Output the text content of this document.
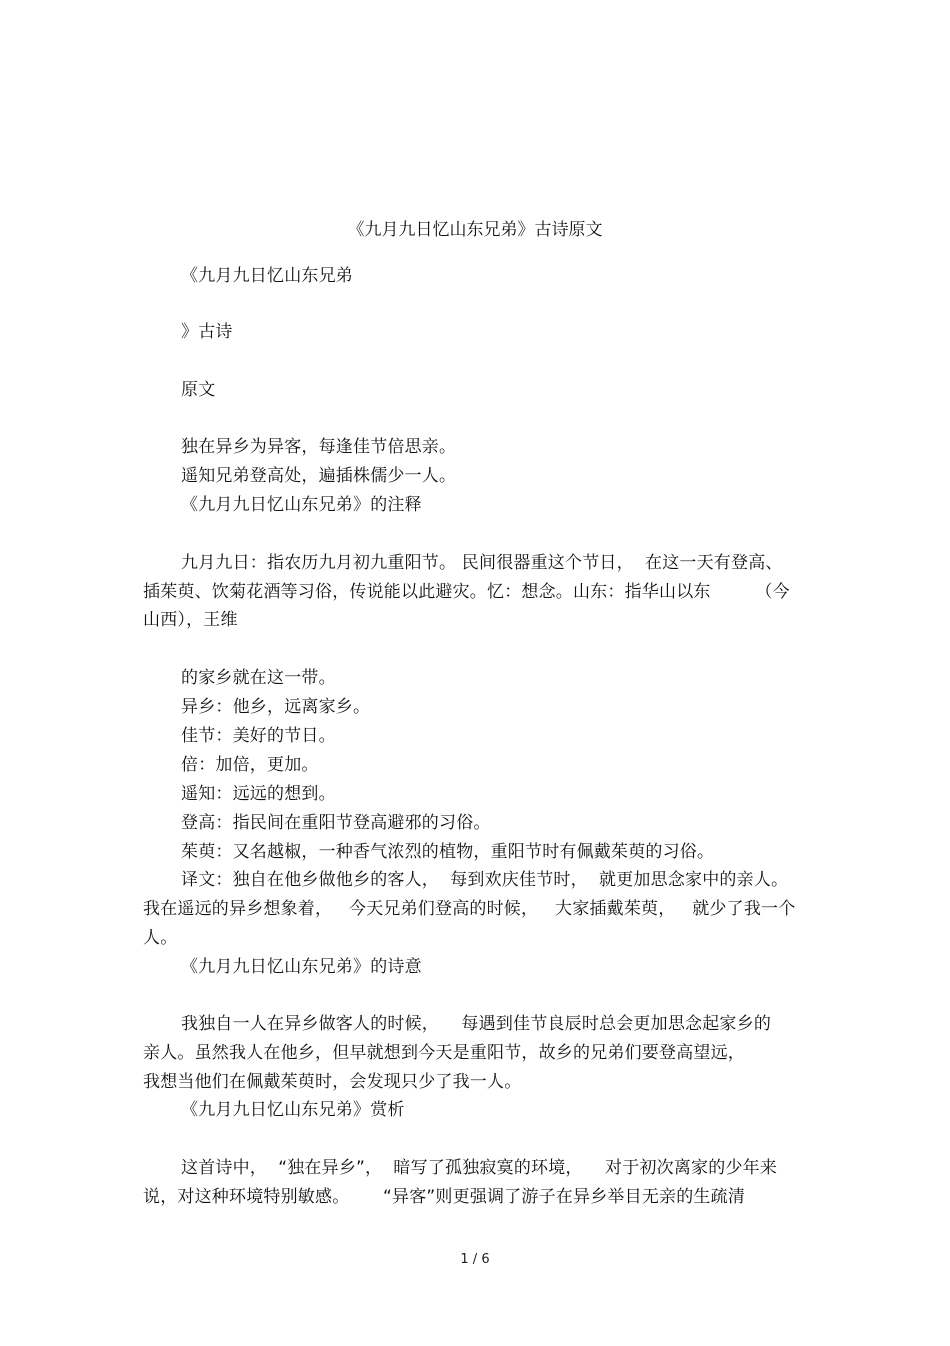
《九月九日忆山东兄弟》古诗原文
《九月九日忆山东兄弟
》古诗
原文
独在异乡为异客，每逢佳节倍思亲。
遥知兄弟登高处，遍插株儒少一人。
《九月九日忆山东兄弟》的注释
九月九日：指农历九月初九重阳节。 民间很器重这个节日，  在这一天有登高、
插茱萸、饮菊花酒等习俗，传说能以此避灾。忆：想念。山东：指华山以东        （今
山西），王维
的家乡就在这一带。
异乡：他乡，远离家乡。
佳节：美好的节日。
倍：加倍，更加。
遥知：远远的想到。
登高：指民间在重阳节登高避邪的习俗。
茱萸：又名越椒，一种香气浓烈的植物，重阳节时有佩戴茱萸的习俗。
译文：独自在他乡做他乡的客人，  每到欢庆佳节时，  就更加思念家中的亲人。
我在遥远的异乡想象着，   今天兄弟们登高的时候，   大家插戴茱萸，   就少了我一个
人。
《九月九日忆山东兄弟》的诗意
我独自一人在异乡做客人的时候，    每遇到佳节良辰时总会更加思念起家乡的
亲人。虽然我人在他乡，但早就想到今天是重阳节，故乡的兄弟们要登高望远，
我想当他们在佩戴茱萸时，会发现只少了我一人。
《九月九日忆山东兄弟》赏析
这首诗中，  “独在异乡”，  暗写了孤独寂寞的环境，    对于初次离家的少年来
说，对这种环境特别敏感。      “异客”则更强调了游子在异乡举目无亲的生疏清
1 / 6
